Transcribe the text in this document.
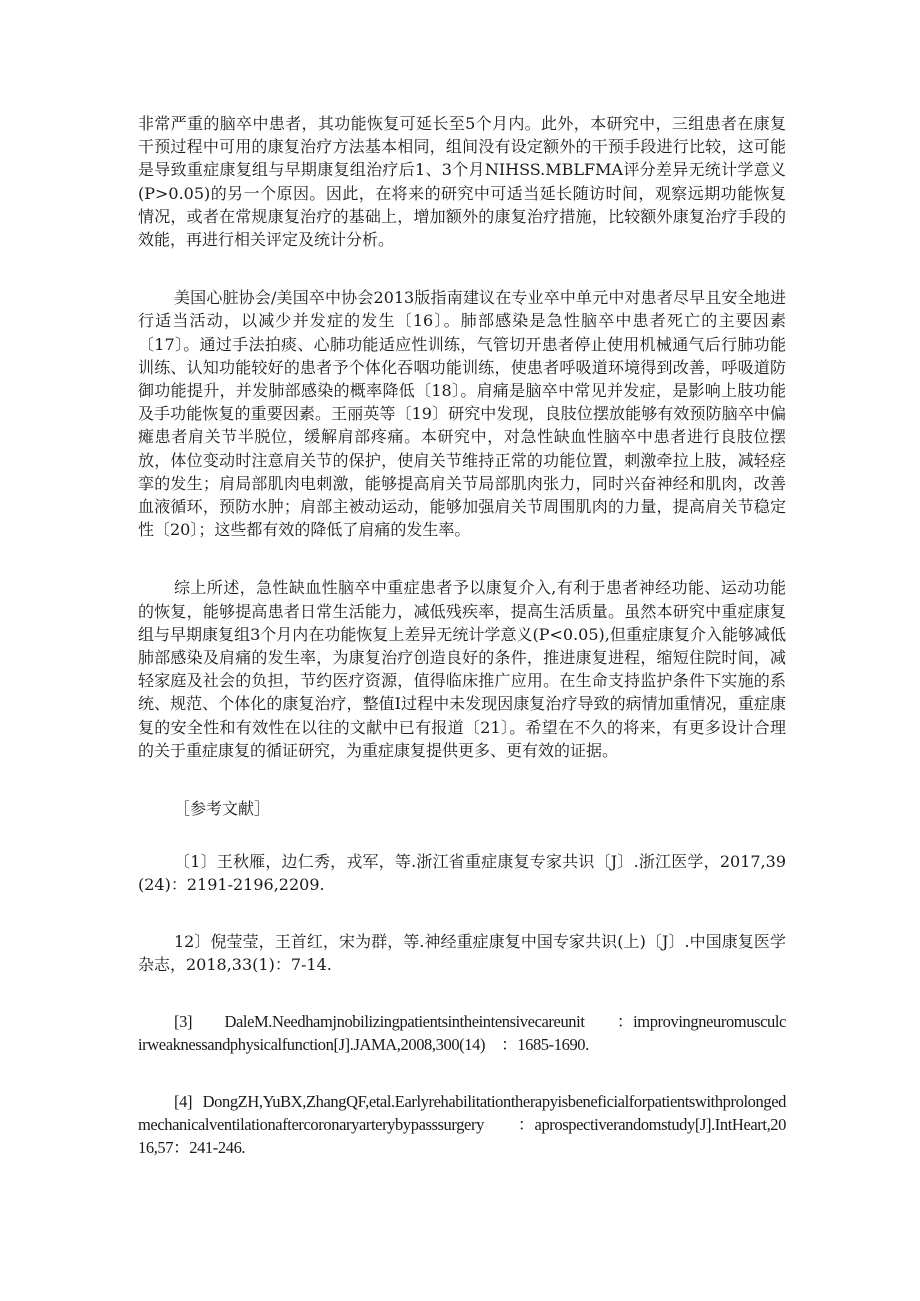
非常严重的脑卒中患者，其功能恢复可延长至5个月内。此外，本研究中，三组患者在康复干预过程中可用的康复治疗方法基本相同，组间没有设定额外的干预手段进行比较，这可能是导致重症康复组与早期康复组治疗后1、3个月NIHSS.MBLFMA评分差异无统计学意义(P>0.05)的另一个原因。因此，在将来的研究中可适当延长随访时间，观察远期功能恢复情况，或者在常规康复治疗的基础上，增加额外的康复治疗措施，比较额外康复治疗手段的效能，再进行相关评定及统计分析。

美国心脏协会/美国卒中协会2013版指南建议在专业卒中单元中对患者尽早且安全地进行适当活动，以减少并发症的发生〔16〕。肺部感染是急性脑卒中患者死亡的主要因素〔17〕。通过手法拍痰、心肺功能适应性训练，气管切开患者停止使用机械通气后行肺功能训练、认知功能较好的患者予个体化吞咽功能训练，使患者呼吸道环境得到改善，呼吸道防御功能提升，并发肺部感染的概率降低〔18〕。肩痛是脑卒中常见并发症，是影响上肢功能及手功能恢复的重要因素。王丽英等〔19〕研究中发现，良肢位摆放能够有效预防脑卒中偏瘫患者肩关节半脱位，缓解肩部疼痛。本研究中，对急性缺血性脑卒中患者进行良肢位摆放，体位变动时注意肩关节的保护，使肩关节维持正常的功能位置，刺激牵拉上肢，减轻痉挛的发生；肩局部肌肉电刺激，能够提高肩关节局部肌肉张力，同时兴奋神经和肌肉，改善血液循环，预防水肿；肩部主被动运动，能够加强肩关节周围肌肉的力量，提高肩关节稳定性〔20〕；这些都有效的降低了肩痛的发生率。

综上所述，急性缺血性脑卒中重症患者予以康复介入,有利于患者神经功能、运动功能的恢复，能够提高患者日常生活能力，减低残疾率，提高生活质量。虽然本研究中重症康复组与早期康复组3个月内在功能恢复上差异无统计学意义(P<0.05),但重症康复介入能够减低肺部感染及肩痛的发生率，为康复治疗创造良好的条件，推进康复进程，缩短住院时间，减轻家庭及社会的负担，节约医疗资源，值得临床推广应用。在生命支持监护条件下实施的系统、规范、个体化的康复治疗，整值I过程中未发现因康复治疗导致的病情加重情况，重症康复的安全性和有效性在以往的文献中已有报道〔21〕。希望在不久的将来，有更多设计合理的关于重症康复的循证研究，为重症康复提供更多、更有效的证据。

［参考文献］

〔1〕王秋雁，边仁秀，戎军，等.浙江省重症康复专家共识〔J〕.浙江医学，2017,39(24)：2191-2196,2209.

12〕倪莹莹，王首红，宋为群，等.神经重症康复中国专家共识(上)〔J〕.中国康复医学杂志，2018,33(1)：7-14.

[3]　　DaleM.Needhamjnobilizingpatientsintheintensivecareunit　　：improvingneuromusculcirweaknessandphysicalfunction[J].JAMA,2008,300(14)　：1685-1690.

[4] DongZH,YuBX,ZhangQF,etal.Earlyrehabilitationtherapyisbeneficialforpatientswithprolongedmechanicalventilationaftercoronaryarterybypasssurgery　　：aprospectiverandomstudy[J].IntHeart,2016,57：241-246.
